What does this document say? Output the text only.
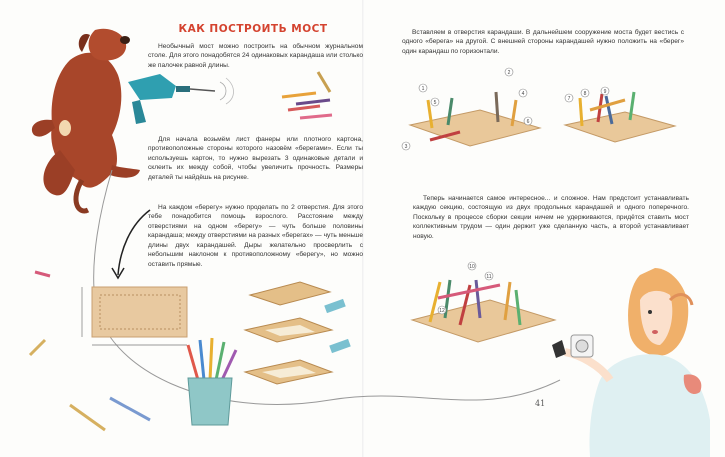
1
2
3
4
5
6
7
8	9
10
11
12
КАК ПОСТРОИТЬ МОСТ

Необычный мост можно построить на обычном журнальном столе. Для этого понадобятся 24 одинаковых карандаша или столько же палочек равной длины.

Для начала возьмём лист фанеры или плотного картона, противоположные стороны которого назовём «берегами». Если ты используешь картон, то нужно вырезать 3 одинаковые детали и склеить их между собой, чтобы увеличить прочность. Размеры деталей ты найдёшь на рисунке.

На каждом «берегу» нужно проделать по 2 отверстия. Для этого тебе понадобится помощь взрослого. Расстояние между отверстиями на одном «берегу» — чуть больше половины карандаша; между отверстиями на разных «берегах» — чуть меньше длины двух карандашей. Дыры желательно просверлить с небольшим наклоном к противоположному «берегу», но можно оставить прямые.

Вставляем в отверстия карандаши. В дальнейшем сооружение моста будет вестись с одного «берега» на другой. С внешней стороны карандашей нужно положить на «берег» один карандаш по горизонтали.

Теперь начинается самое интересное... и сложное. Нам предстоит устанавливать каждую секцию, состоящую из двух продольных карандашей и одного поперечного. Поскольку в процессе сборки секции ничем не удерживаются, придётся ставить мост коллективным трудом — один держит уже сделанную часть, а второй устанавливает новую.

41
